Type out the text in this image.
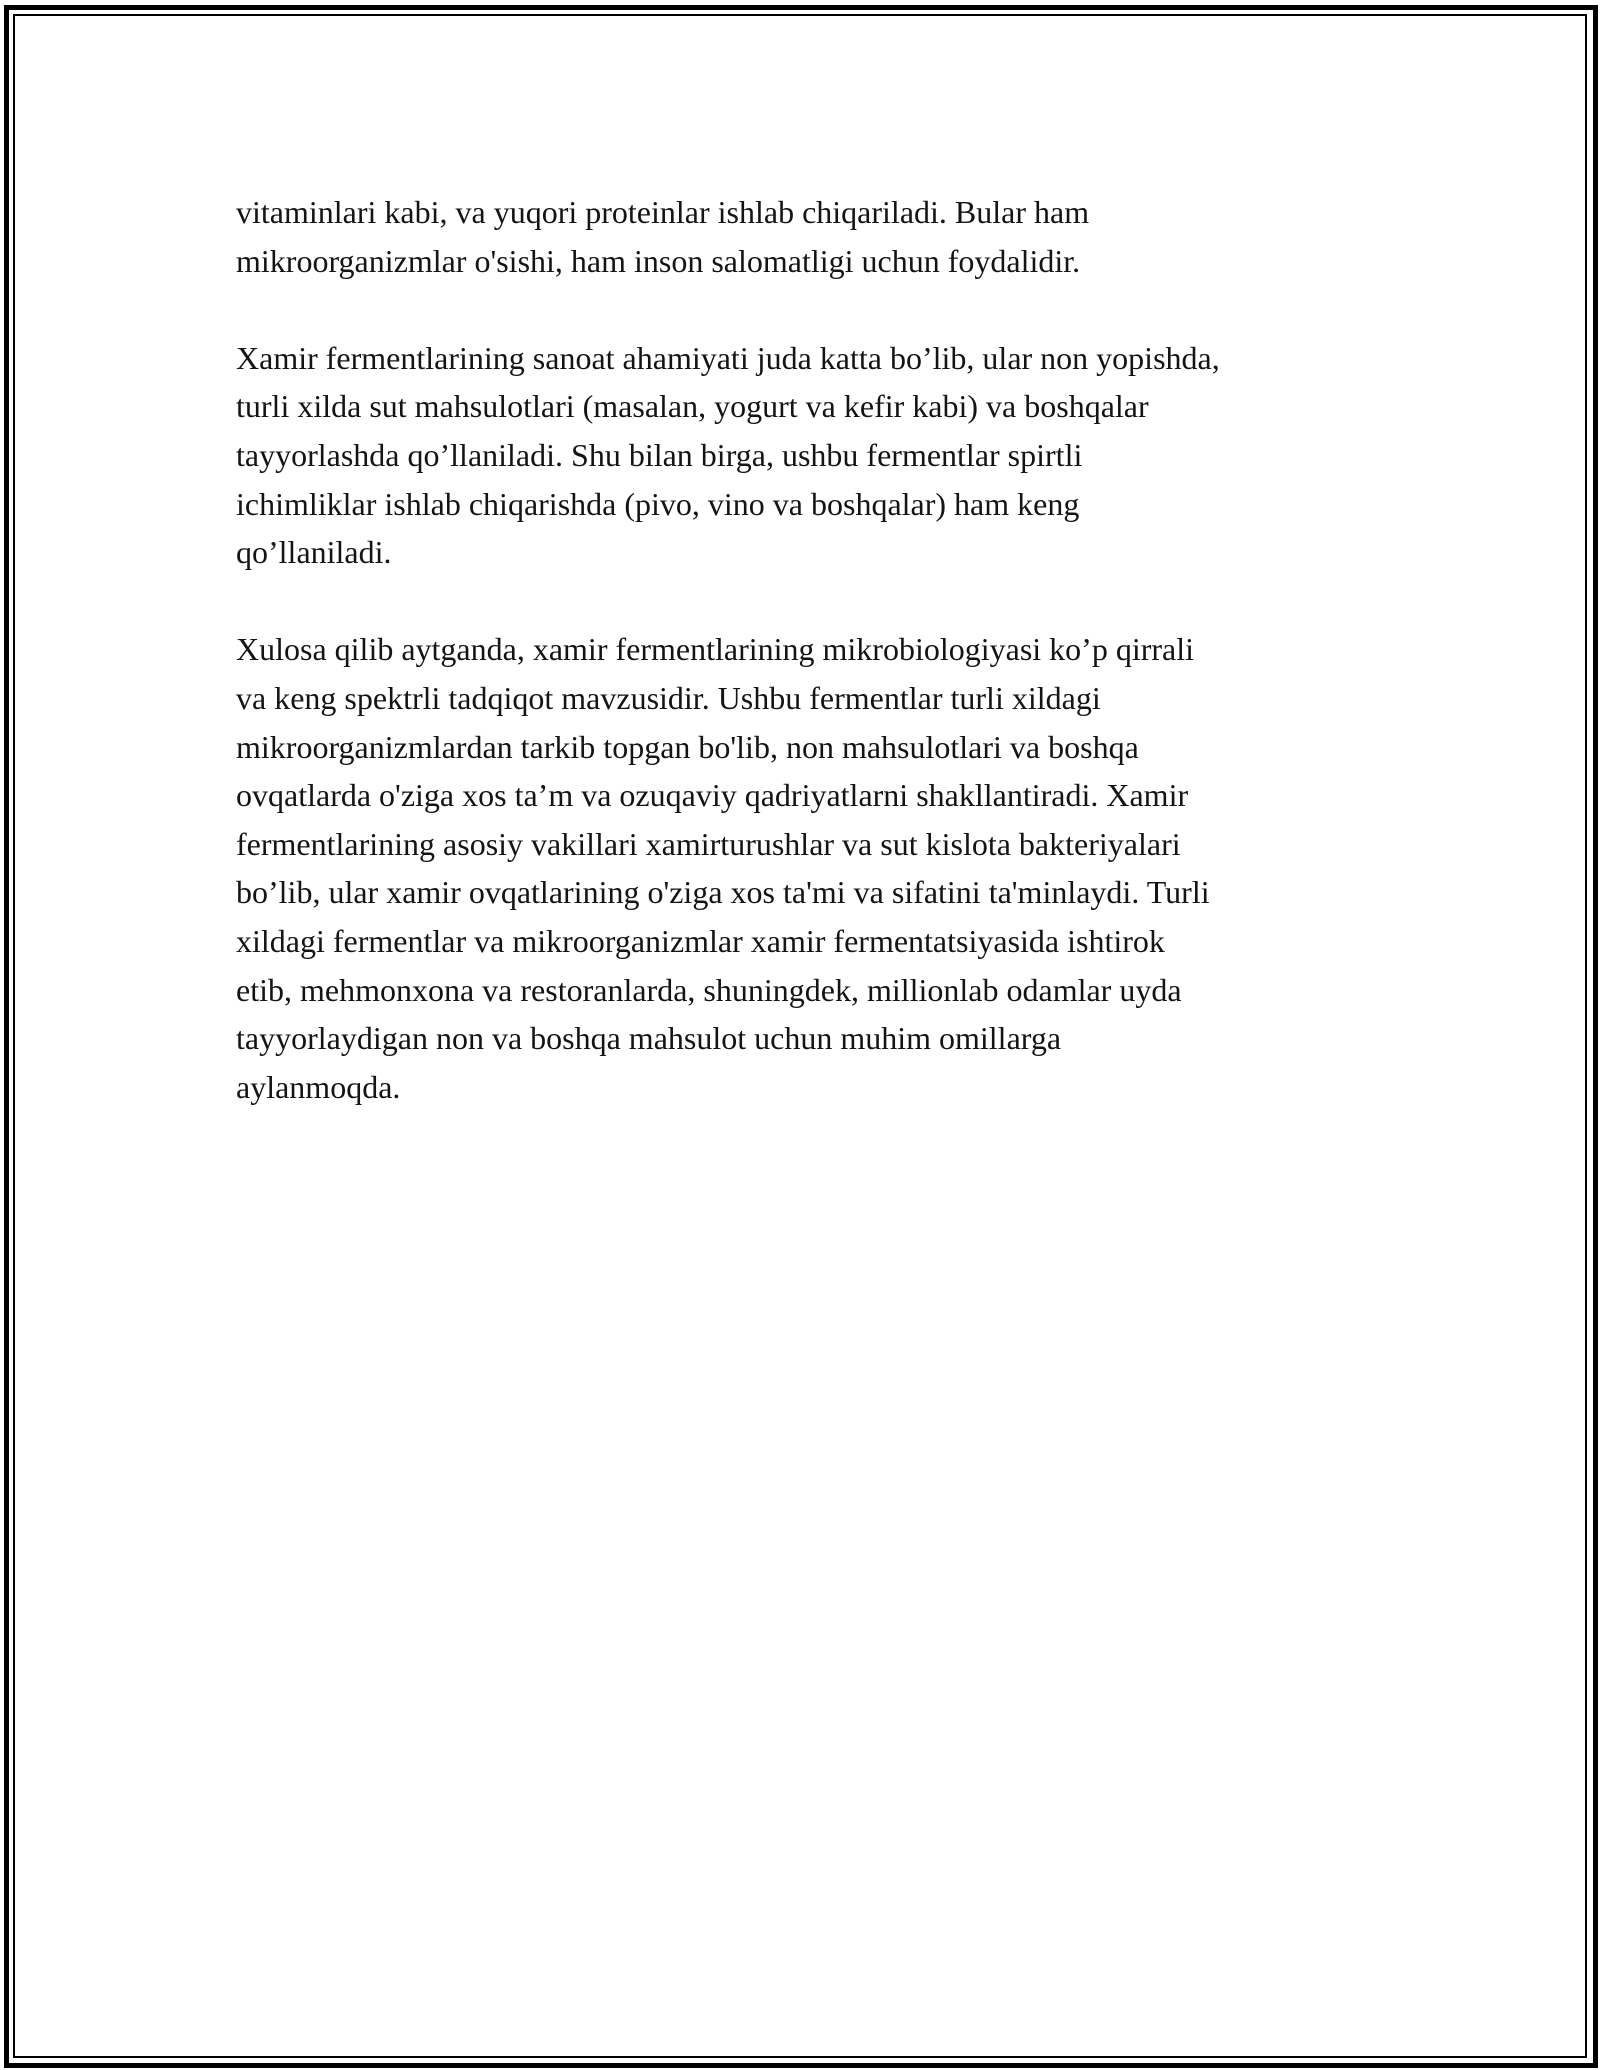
vitaminlari kabi, va yuqori proteinlar ishlab chiqariladi. Bular ham
mikroorganizmlar o'sishi, ham inson salomatligi uchun foydalidir.

Xamir fermentlarining sanoat ahamiyati juda katta bo’lib, ular non yopishda,
turli xilda sut mahsulotlari (masalan, yogurt va kefir kabi) va boshqalar
tayyorlashda qo’llaniladi. Shu bilan birga, ushbu fermentlar spirtli
ichimliklar ishlab chiqarishda (pivo, vino va boshqalar) ham keng
qo’llaniladi.

Xulosa qilib aytganda, xamir fermentlarining mikrobiologiyasi ko’p qirrali
va keng spektrli tadqiqot mavzusidir. Ushbu fermentlar turli xildagi
mikroorganizmlardan tarkib topgan bo'lib, non mahsulotlari va boshqa
ovqatlarda o'ziga xos ta’m va ozuqaviy qadriyatlarni shakllantiradi. Xamir
fermentlarining asosiy vakillari xamirturushlar va sut kislota bakteriyalari
bo’lib, ular xamir ovqatlarining o'ziga xos ta'mi va sifatini ta'minlaydi. Turli
xildagi fermentlar va mikroorganizmlar xamir fermentatsiyasida ishtirok
etib, mehmonxona va restoranlarda, shuningdek, millionlab odamlar uyda
tayyorlaydigan non va boshqa mahsulot uchun muhim omillarga
aylanmoqda.
